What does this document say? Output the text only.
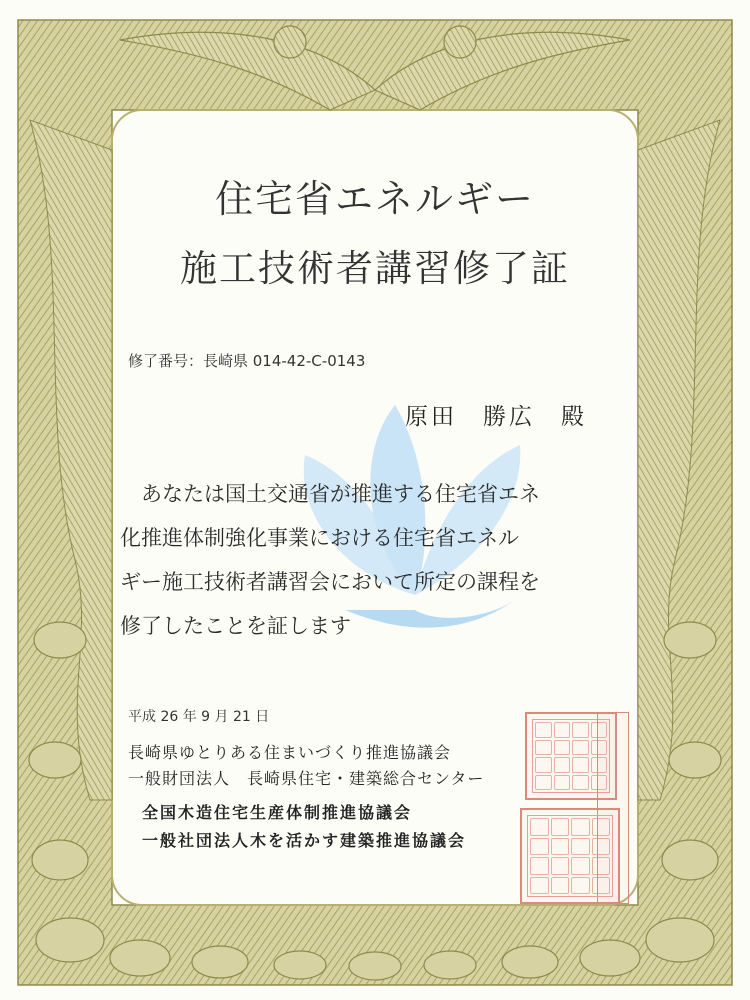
住宅省エネルギー
施工技術者講習修了証
修了番号：長崎県 014-42-C-0143
原田　勝広　殿
　あなたは国土交通省が推進する住宅省エネ
化推進体制強化事業における住宅省エネル
ギー施工技術者講習会において所定の課程を
修了したことを証します
平成 26 年 9 月 21 日
長崎県ゆとりある住まいづくり推進協議会
一般財団法人　長崎県住宅・建築総合センター
全国木造住宅生産体制推進協議会
一般社団法人木を活かす建築推進協議会
